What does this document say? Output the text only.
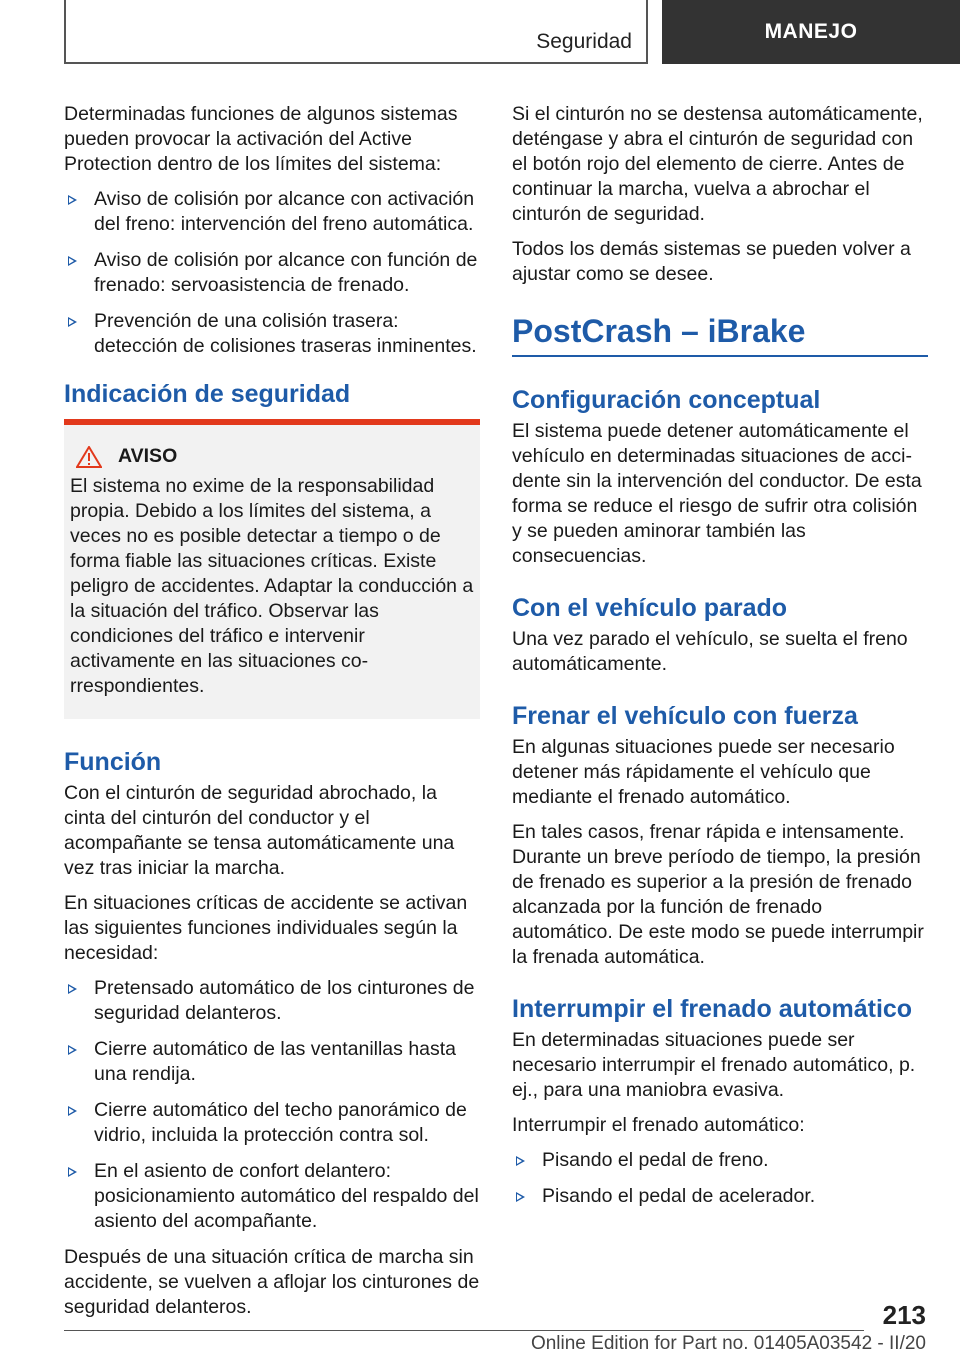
Seguridad	MANEJO

Determinadas funciones de algunos sistemas pueden provocar la activación del Active Protection dentro de los límites del sistema:

Aviso de colisión por alcance con activación del freno: intervención del freno automática.
Aviso de colisión por alcance con función de frenado: servoasistencia de frenado.
Prevención de una colisión trasera: detección de colisiones traseras inminentes.
Indicación de seguridad
AVISO

El sistema no exime de la responsabilidad propia. Debido a los límites del sistema, a veces no es posible detectar a tiempo o de forma fiable las situaciones críticas. Existe peligro de accidentes. Adaptar la conducción a la situación del tráfico. Observar las condiciones del tráfico e intervenir activamente en las situaciones correspondientes.

Función

Con el cinturón de seguridad abrochado, la cinta del cinturón del conductor y el acompañante se tensa automáticamente una vez tras iniciar la marcha.

En situaciones críticas de accidente se activan las siguientes funciones individuales según la necesidad:

Pretensado automático de los cinturones de seguridad delanteros.
Cierre automático de las ventanillas hasta una rendija.
Cierre automático del techo panorámico de vidrio, incluida la protección contra sol.
En el asiento de confort delantero: posicionamiento automático del respaldo del asiento del acompañante.

Después de una situación crítica de marcha sin accidente, se vuelven a aflojar los cinturones de seguridad delanteros.

Si el cinturón no se destensa automáticamente, deténgase y abra el cinturón de seguridad con el botón rojo del elemento de cierre. Antes de continuar la marcha, vuelva a abrochar el cinturón de seguridad.

Todos los demás sistemas se pueden volver a ajustar como se desee.

PostCrash – iBrake
Configuración conceptual

El sistema puede detener automáticamente el vehículo en determinadas situaciones de accidente sin la intervención del conductor. De esta forma se reduce el riesgo de sufrir otra colisión y se pueden aminorar también las consecuencias.

Con el vehículo parado

Una vez parado el vehículo, se suelta el freno automáticamente.

Frenar el vehículo con fuerza

En algunas situaciones puede ser necesario detener más rápidamente el vehículo que mediante el frenado automático.

En tales casos, frenar rápida e intensamente. Durante un breve período de tiempo, la presión de frenado es superior a la presión de frenado alcanzada por la función de frenado automático. De este modo se puede interrumpir la frenada automática.

Interrumpir el frenado automático

En determinadas situaciones puede ser necesario interrumpir el frenado automático, p. ej., para una maniobra evasiva.

Interrumpir el frenado automático:

Pisando el pedal de freno.
Pisando el pedal de acelerador.
213
Online Edition for Part no. 01405A03542 - II/20
